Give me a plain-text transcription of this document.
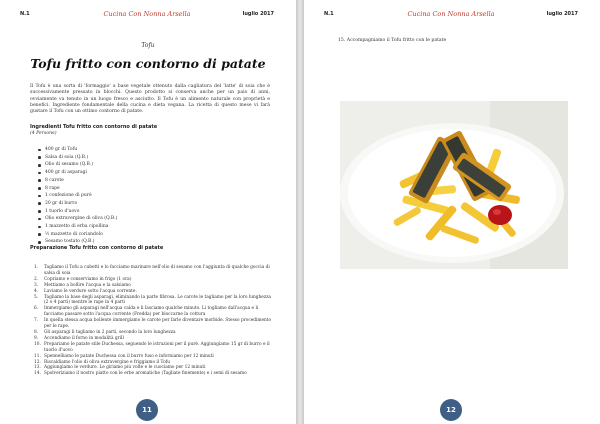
N.1	Cucina Con Nonna Arsella	luglio 2017
Tofu
Tofu fritto con contorno di patate
Il Tofu è una sorta di 'formaggio' a base vegetale ottenuto dalla cagliatura del 'latte' di soia che è successivamente pressato in blocchi. Questo prodotto si conserva anche per un paio di anni, ovviamente va tenuto in un luogo fresco e asciutto. Il Tofu è un alimento naturale con proprietà e benefici. Ingrediente fondamentale della cucina e dieta vegana. La ricetta di questo mese vi farà gustare il Tofu con un ottimo contorno di patate.
Ingredienti Tofu fritto con contorno di patate
(4 Persone)
400 gr di Tofu
Salsa di soia (Q.B.)
Olio di sesamo (Q.B.)
400 gr di asparagi
8 carote
8 rape
1 confezione di purè
20 gr di burro
1 tuorlo d'uovo
Olio extravergine di oliva (Q.B.)
1 mazzetto di erba cipollina
½ mazzetto di coriandolo
Sesamo tostato (Q.B.)
Preparazione Tofu fritto con contorno di patate
1. Tagliamo il Tofu a cubetti e lo facciamo marinare nell'olio di sesamo con l'aggiunta di qualche goccia di salsa di soia
2. Copriamo e conserviamo in frigo (1 ora)
3. Mettiamo a bollire l'acqua e la salsiamo
4. Laviamo le verdure sotto l'acqua corrente.
5. Tagliamo la base degli asparagi, eliminando la parte fibrosa. Le carote le tagliamo per la loro lunghezza (2 o 4 parti) mentre le rape in 4 parti
6. Immergiamo gli asparagi nell'acqua calda e li lasciamo qualche minuto. Li togliamo dall'acqua e li facciamo passare sotto l'acqua corrente (Fredda) per bloccarne la cottura
7. In quella stessa acqua bollente immergiamo le carote per farle diventare morbide. Stesso procedimento per le rape.
8. Gli asparagi li tagliamo in 2 parti, secondo la loro lunghezza
9. Accendiamo il forno in modalità grill
10. Prepariamo le patate stile Duchessa, seguendo le istruzioni per il purè. Aggiungiamo 15 gr di burro e il tuorlo d'uovo
11. Spennelliamo le patate Duchessa con il burro fuso e inforniamo per 12 minuti
12. Riscaldiamo l'olio di oliva extravergine e friggiamo il Tofu
13. Aggiungiamo le verdure. Le giriamo più volte e le cuociamo per 12 minuti
14. Spolveriziamo il nostro piatto con le erbe aromatiche (Tagliate finemente) e i semi di sesamo
11
N.1	Cucina Con Nonna Arsella	luglio 2017
15. Accompagniamo il Tofu fritto con le patate
12
